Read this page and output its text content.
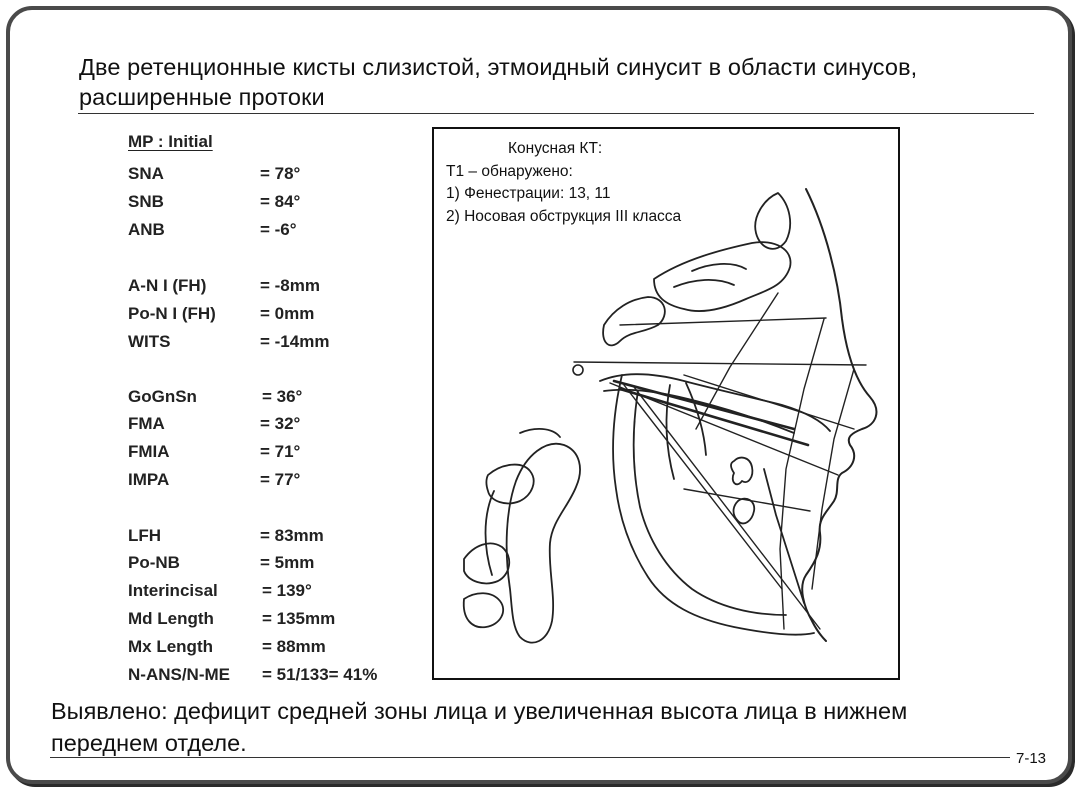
Две ретенционные кисты слизистой, этмоидный синусит в области синусов, расширенные протоки
MP : Initial
SNA	= 78°
SNB	= 84°
ANB	= -6°
A-N I (FH)	= -8mm
Po-N I (FH)	= 0mm
WITS	= -14mm
GoGnSn	= 36°
FMA	= 32°
FMIA	= 71°
IMPA	= 77°
LFH	= 83mm
Po-NB	= 5mm
Interincisal	= 139°
Md Length	= 135mm
Mx Length	= 88mm
N-ANS/N-ME = 51/133= 41%
Конусная КТ:
Т1 – обнаружено:
1) Фенестрации: 13, 11
2) Носовая обструкция III класса
Выявлено: дефицит средней зоны лица и увеличенная высота лица в нижнем переднем отделе.
7-13
